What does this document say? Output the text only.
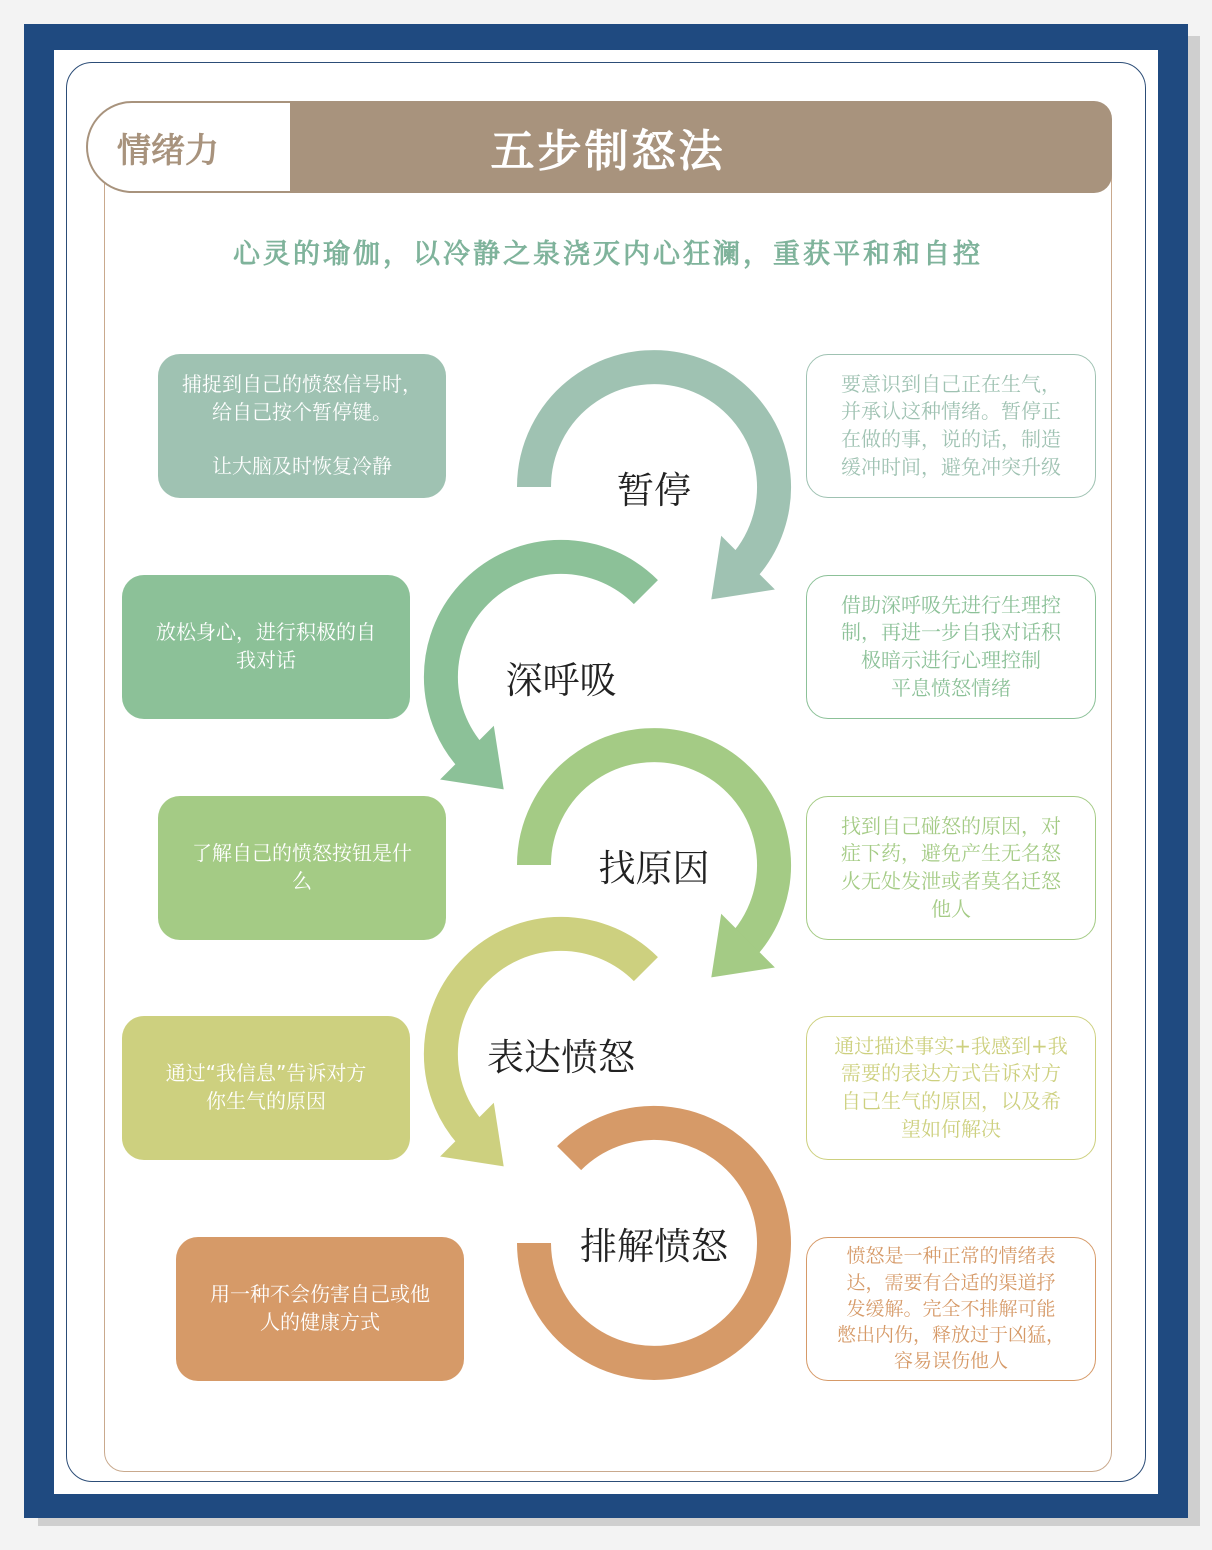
情绪力	五步制怒法
心灵的瑜伽，以冷静之泉浇灭内心狂澜，重获平和和自控
暂停
深呼吸
找原因
表达愤怒
排解愤怒

捕捉到自己的愤怒信号时，

给自己按个暂停键。

让大脑及时恢复冷静

放松身心，进行积极的自

我对话

了解自己的愤怒按钮是什

么

通过“我信息”告诉对方

你生气的原因

用一种不会伤害自己或他

人的健康方式

要意识到自己正在生气，

并承认这种情绪。暂停正

在做的事，说的话，制造

缓冲时间，避免冲突升级

借助深呼吸先进行生理控

制，再进一步自我对话积

极暗示进行心理控制

平息愤怒情绪

找到自己碰怒的原因，对

症下药，避免产生无名怒

火无处发泄或者莫名迁怒

他人

通过描述事实+我感到+我

需要的表达方式告诉对方

自己生气的原因，以及希

望如何解决

愤怒是一种正常的情绪表

达，需要有合适的渠道抒

发缓解。完全不排解可能

憋出内伤，释放过于凶猛，

容易误伤他人
